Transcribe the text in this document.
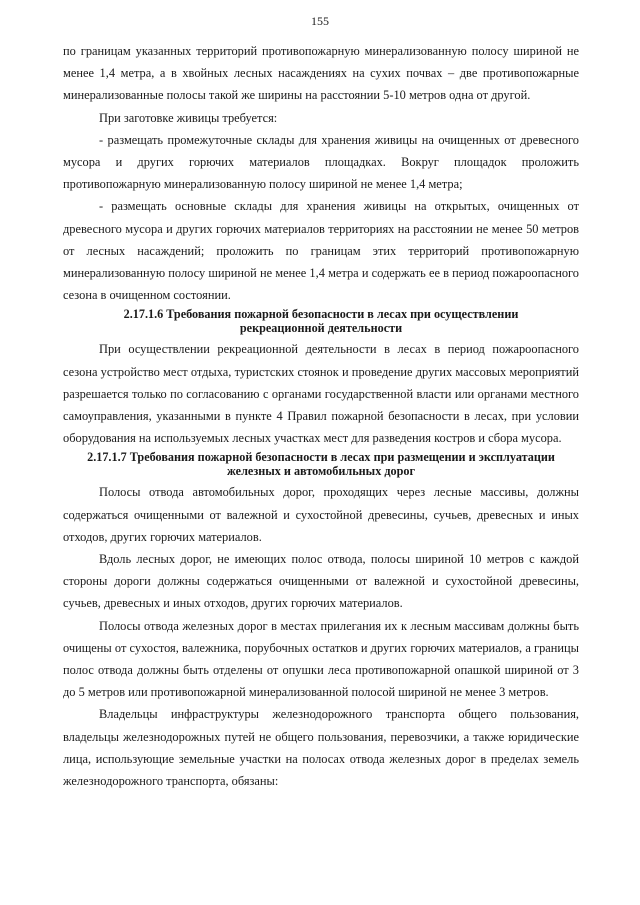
155

по границам указанных территорий противопожарную минерализованную полосу шириной не менее 1,4 метра, а в хвойных лесных насаждениях на сухих почвах – две противопожарные минерализованные полосы такой же ширины на расстоянии 5-10 метров одна от другой.

При заготовке живицы требуется:

- размещать промежуточные склады для хранения живицы на очищенных от древесного мусора и других горючих материалов площадках. Вокруг площадок проложить противопожарную минерализованную полосу шириной не менее 1,4 метра;

- размещать основные склады для хранения живицы на открытых, очищенных от древесного мусора и других горючих материалов территориях на расстоянии не менее 50 метров от лесных насаждений; проложить по границам этих территорий противопожарную минерализованную полосу шириной не менее 1,4 метра и содержать ее в период пожароопасного сезона в очищенном состоянии.

2.17.1.6 Требования пожарной безопасности в лесах при осуществлении рекреационной деятельности

При осуществлении рекреационной деятельности в лесах в период пожароопасного сезона устройство мест отдыха, туристских стоянок и проведение других массовых мероприятий разрешается только по согласованию с органами государственной власти или органами местного самоуправления, указанными в пункте 4 Правил пожарной безопасности в лесах, при условии оборудования на используемых лесных участках мест для разведения костров и сбора мусора.

2.17.1.7 Требования пожарной безопасности в лесах при размещении и эксплуатации железных и автомобильных дорог

Полосы отвода автомобильных дорог, проходящих через лесные массивы, должны содержаться очищенными от валежной и сухостойной древесины, сучьев, древесных и иных отходов, других горючих материалов.

Вдоль лесных дорог, не имеющих полос отвода, полосы шириной 10 метров с каждой стороны дороги должны содержаться очищенными от валежной и сухостойной древесины, сучьев, древесных и иных отходов, других горючих материалов.

Полосы отвода железных дорог в местах прилегания их к лесным массивам должны быть очищены от сухостоя, валежника, порубочных остатков и других горючих материалов, а границы полос отвода должны быть отделены от опушки леса противопожарной опашкой шириной от 3 до 5 метров или противопожарной минерализованной полосой шириной не менее 3 метров.

Владельцы инфраструктуры железнодорожного транспорта общего пользования, владельцы железнодорожных путей не общего пользования, перевозчики, а также юридические лица, использующие земельные участки на полосах отвода железных дорог в пределах земель железнодорожного транспорта, обязаны:
